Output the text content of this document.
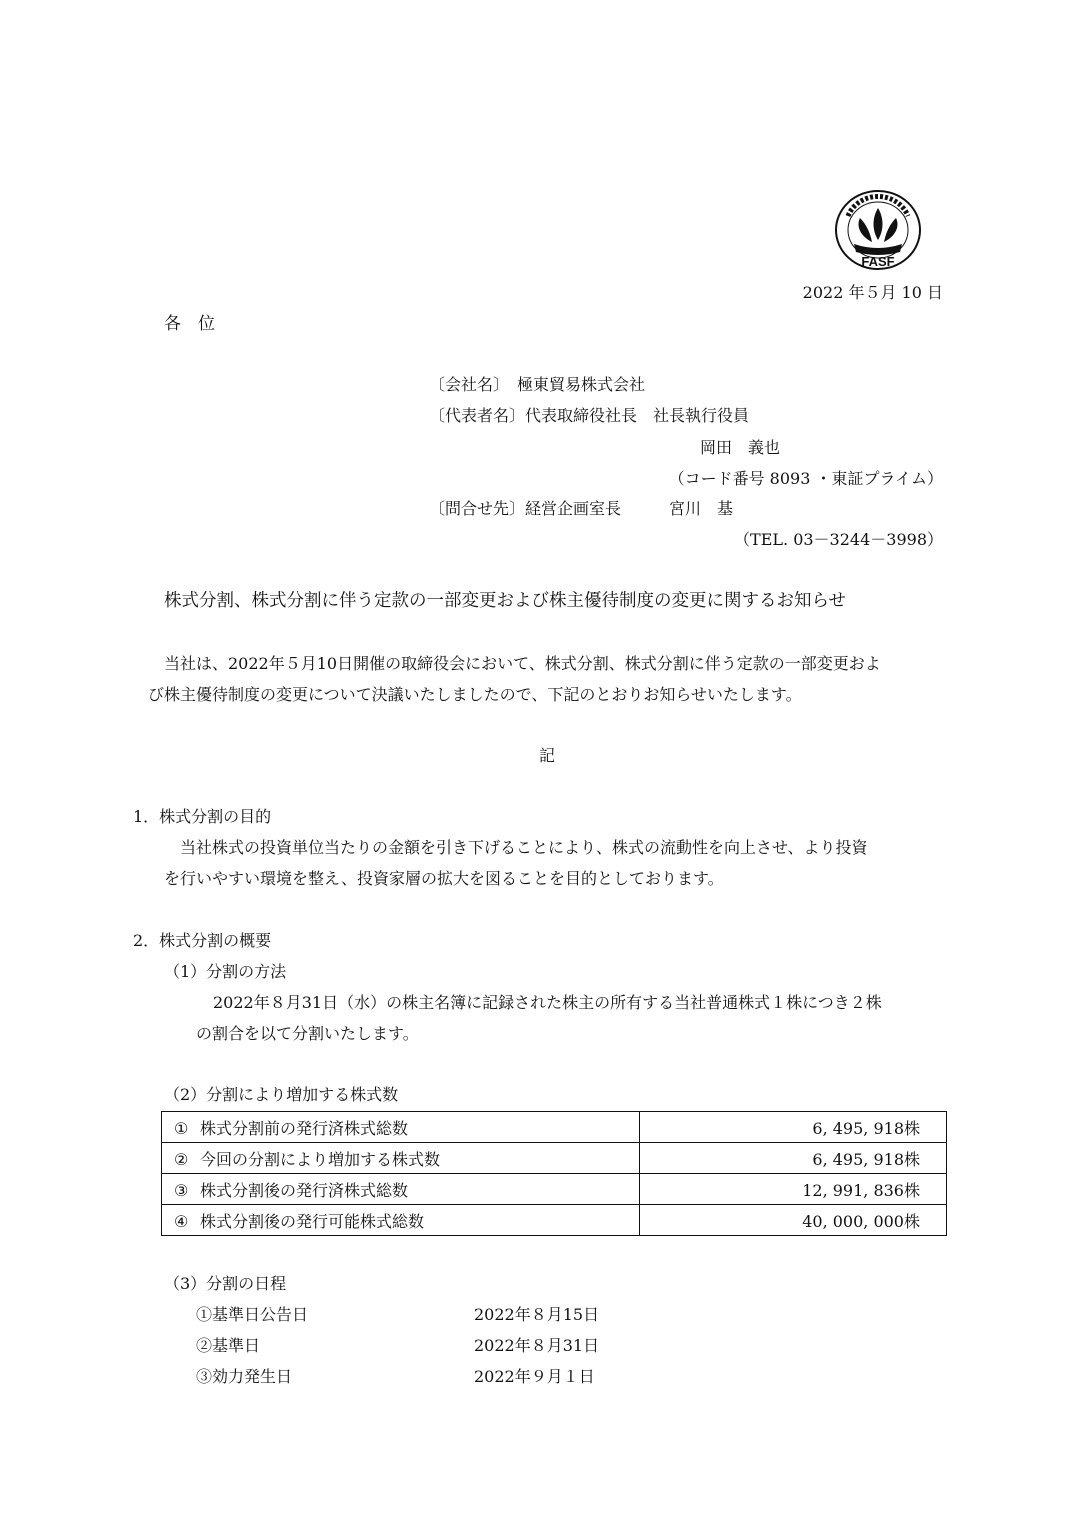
FASF
2022 年５月 10 日
各　位
〔会社名〕　極東貿易株式会社
〔代表者名〕代表取締役社長　社長執行役員
岡田　義也
（コード番号 8093 ・東証プライム）
〔問合せ先〕経営企画室長　　　宮川　基
（TEL. 03－3244－3998）
株式分割、株式分割に伴う定款の一部変更および株主優待制度の変更に関するお知らせ
当社は、2022年５月10日開催の取締役会において、株式分割、株式分割に伴う定款の一部変更およ
び株主優待制度の変更について決議いたしましたので、下記のとおりお知らせいたします。
記
1．株式分割の目的
当社株式の投資単位当たりの金額を引き下げることにより、株式の流動性を向上させ、より投資
を行いやすい環境を整え、投資家層の拡大を図ることを目的としております。
2．株式分割の概要
（1）分割の方法
2022年８月31日（水）の株主名簿に記録された株主の所有する当社普通株式１株につき２株
の割合を以て分割いたします。
（2）分割により増加する株式数
① 株式分割前の発行済株式総数	6, 495, 918株
② 今回の分割により増加する株式数	6, 495, 918株
③ 株式分割後の発行済株式総数	12, 991, 836株
④ 株式分割後の発行可能株式総数	40, 000, 000株
（3）分割の日程
①基準日公告日	2022年８月15日
②基準日	2022年８月31日
③効力発生日	2022年９月１日
